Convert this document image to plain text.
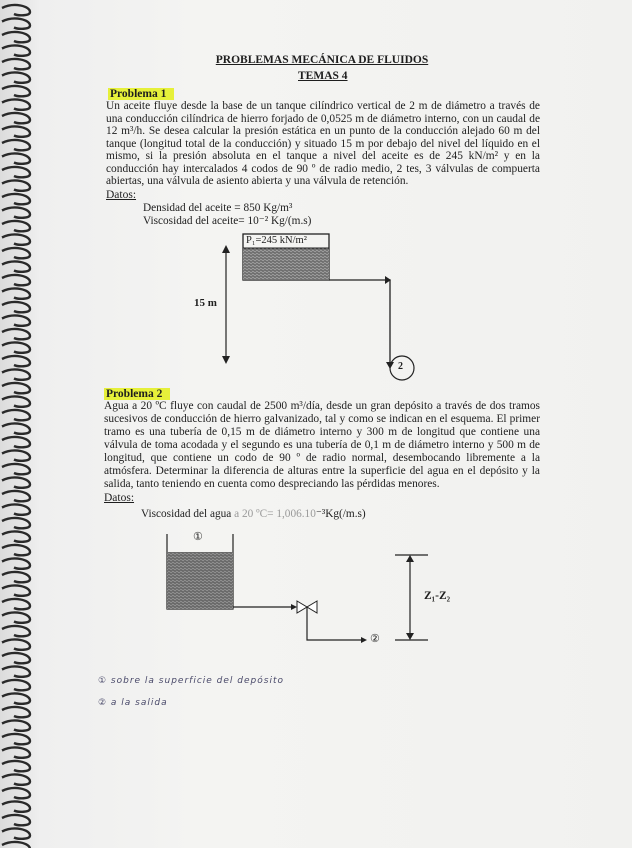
PROBLEMAS MECÁNICA DE FLUIDOS
TEMAS 4
Problema 1
Un aceite fluye desde la base de un tanque cilíndrico vertical de 2 m de diámetro a través de una conducción cilíndrica de hierro forjado de 0,0525 m de diámetro interno, con un caudal de 12 m³/h. Se desea calcular la presión estática en un punto de la conducción alejado 60 m del tanque (longitud total de la conducción) y situado 15 m por debajo del nivel del líquido en el mismo, si la presión absoluta en el tanque a nivel del aceite es de 245 kN/m² y en la conducción hay intercalados 4 codos de 90 º de radio medio, 2 tes, 3 válvulas de compuerta abiertas, una válvula de asiento abierta y una válvula de retención.
Datos:
Densidad del aceite = 850 Kg/m³
Viscosidad del aceite= 10⁻² Kg/(m.s)
P₁=245 kN/m²
15 m
2
Problema 2
Agua a 20 ºC fluye con caudal de 2500 m³/día, desde un gran depósito a través de dos tramos sucesivos de conducción de hierro galvanizado, tal y como se indican en el esquema. El primer tramo es una tubería de 0,15 m de diámetro interno y 300 m de longitud que contiene una válvula de toma acodada y el segundo es una tubería de 0,1 m de diámetro interno y 500 m de longitud, que contiene un codo de 90 º de radio normal, desembocando libremente a la atmósfera. Determinar la diferencia de alturas entre la superficie del agua en el depósito y la salida, tanto teniendo en cuenta como despreciando las pérdidas menores.
Datos:
Viscosidad del agua a 20 ºC= 1,006.10⁻³Kg(/m.s)
①
②
Z₁-Z₂
① sobre la superficie del depósito
② a la salida
